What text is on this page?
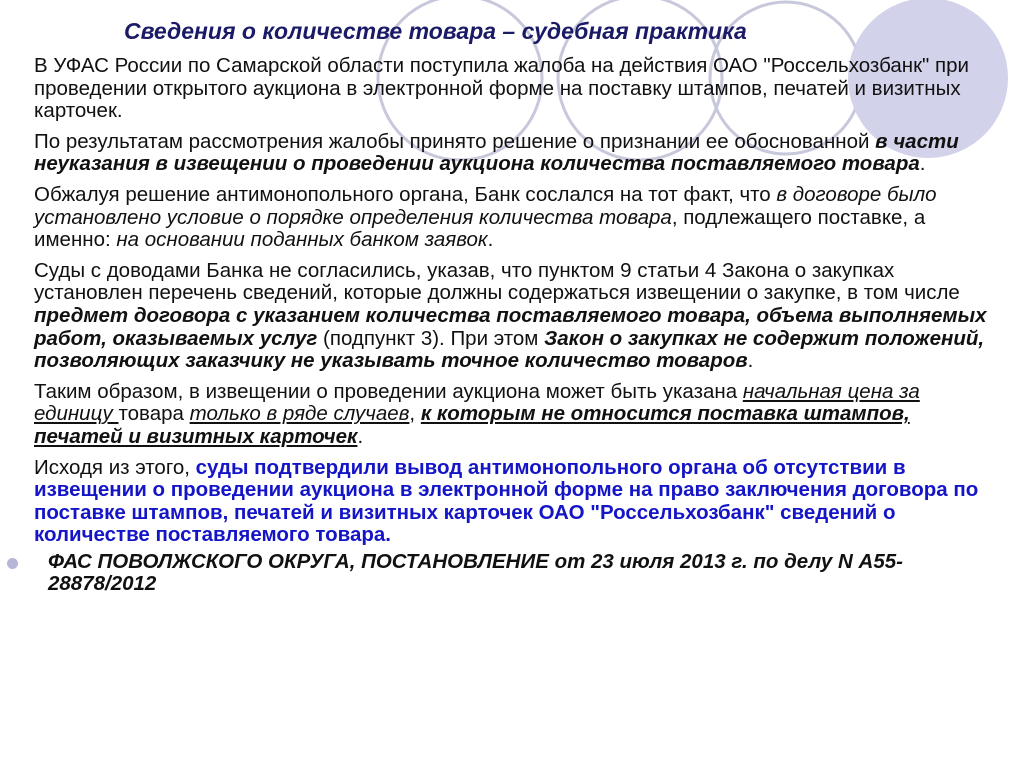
Сведения о количестве товара – судебная практика

В УФАС России по Самарской области поступила жалоба на действия ОАО "Россельхозбанк" при проведении открытого аукциона в электронной форме на поставку штампов, печатей и визитных карточек.

По результатам рассмотрения жалобы принято решение о признании ее обоснованной в части неуказания в извещении о проведении аукциона количества поставляемого товара.

Обжалуя решение антимонопольного органа, Банк сослался на тот факт, что в договоре было установлено условие о порядке определения количества товара, подлежащего поставке, а именно: на основании поданных банком заявок.

Суды с доводами Банка не согласились, указав, что пунктом 9 статьи 4 Закона о закупках установлен перечень сведений, которые должны содержаться извещении о закупке, в том числе предмет договора с указанием количества поставляемого товара, объема выполняемых работ, оказываемых услуг (подпункт 3). При этом Закон о закупках не содержит положений, позволяющих заказчику не указывать точное количество товаров.

Таким образом, в извещении о проведении аукциона может быть указана начальная цена за единицу товара только в ряде случаев, к которым не относится поставка штампов, печатей и визитных карточек.

Исходя из этого, суды подтвердили вывод антимонопольного органа об отсутствии в извещении о проведении аукциона в электронной форме на право заключения договора по поставке штампов, печатей и визитных карточек ОАО "Россельхозбанк" сведений о количестве поставляемого товара.

ФАС ПОВОЛЖСКОГО ОКРУГА, ПОСТАНОВЛЕНИЕ от 23 июля 2013 г. по делу N А55-28878/2012
